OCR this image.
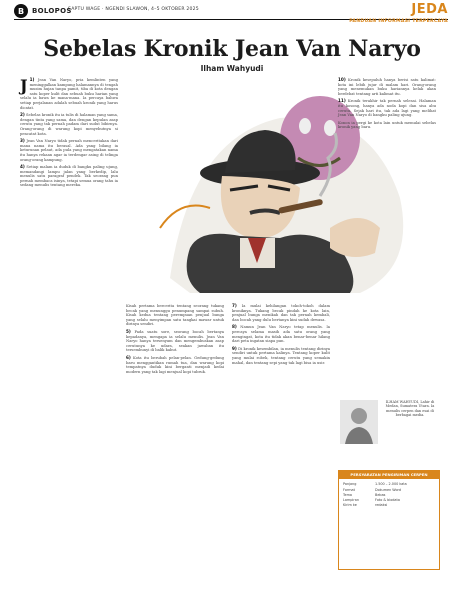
B	BOLOPOS
SAPTU WAGE · NGENDI SLAWON, 4–5 OKTOBER 2025	JEDA
PANDUAN INFORMASI TERPERCAYA
Sebelas Kronik Jean Van Naryo
Ilham Wahyudi

J 1) Jean Van Naryo, pria kemlinten yang meninggalkan kampung halamannya di tengah musim hujan tanpa pamit, tiba di kota dengan satu koper kulit dan sebuah buku harian yang selalu ia bawa ke mana-mana. Ia percaya bahwa setiap perjalanan adalah sebuah kronik yang harus dicatat.

2) Sebelas kronik itu ia tulis di halaman yang sama, dengan tinta yang sama, dan dengan kepulan asap cerutu yang tak pernah padam dari sudut bibirnya. Orang-orang di warung kopi menyebutnya si pencatat kota.

3) Jean Van Naryo tidak pernah menceritakan dari mana nama itu berasal. Ada yang bilang ia keturunan pelaut, ada pula yang mengatakan nama itu hanya rekaan agar ia terdengar asing di telinga orang-orang kampung.

4) Setiap malam ia duduk di bangku paling ujung, memandangi lampu jalan yang berkedip, lalu menulis satu paragraf pendek. Tak seorang pun pernah membaca isinya, tetapi semua orang tahu ia sedang menulis tentang mereka.

Kisah pertama bercerita tentang seorang tukang becak yang menunggu penumpang sampai subuh. Kisah kedua tentang perempuan penjual bunga yang selalu menyimpan satu tangkai mawar untuk dirinya sendiri.

5) Pada suatu sore, seorang bocah bertanya kepadanya, mengapa ia selalu menulis. Jean Van Naryo hanya tersenyum dan mengembuskan asap cerutunya ke udara, seakan jawaban itu tersembunyi di balik kabut.

6) Kota itu berubah pelan-pelan. Gedung-gedung baru menggantikan rumah tua, dan warung kopi tempatnya duduk kini berganti menjadi kedai modern yang tak lagi menjual kopi tubruk.

7) Ia mulai kehilangan tokoh-tokoh dalam kroniknya. Tukang becak pindah ke kota lain, penjual bunga menikah dan tak pernah kembali, dan bocah yang dulu bertanya kini sudah dewasa.

8) Namun Jean Van Naryo tetap menulis. Ia percaya selama masih ada satu orang yang mengingat, kota itu tidak akan benar-benar hilang dari peta ingatan siapa pun.

9) Di kronik kesembilan, ia menulis tentang dirinya sendiri untuk pertama kalinya. Tentang koper kulit yang mulai robek, tentang cerutu yang semakin mahal, dan tentang sepi yang tak lagi bisa ia usir.

10) Kronik kesepuluh hanya berisi satu kalimat: kota ini lebih jujur di malam hari. Orang-orang yang menemukan buku hariannya kelak akan berdebat tentang arti kalimat itu.

11) Kronik terakhir tak pernah selesai. Halaman itu kosong, hanya ada noda kopi dan sisa abu cerutu. Sejak hari itu, tak ada lagi yang melihat Jean Van Naryo di bangku paling ujung.

Konon ia pergi ke kota lain untuk memulai sebelas kronik yang baru.

ILHAM WAHYUDI, Lahir di Medan, Sumatera Utara. Ia menulis cerpen dan esai di berbagai media.
PERSYARATAN PENGIRIMAN CERPEN
Panjang	1.500 – 2.000 kata
Format	Dokumen Word
Tema	Bebas
Lampiran	Foto & biodata
Kirim ke	redaksi
